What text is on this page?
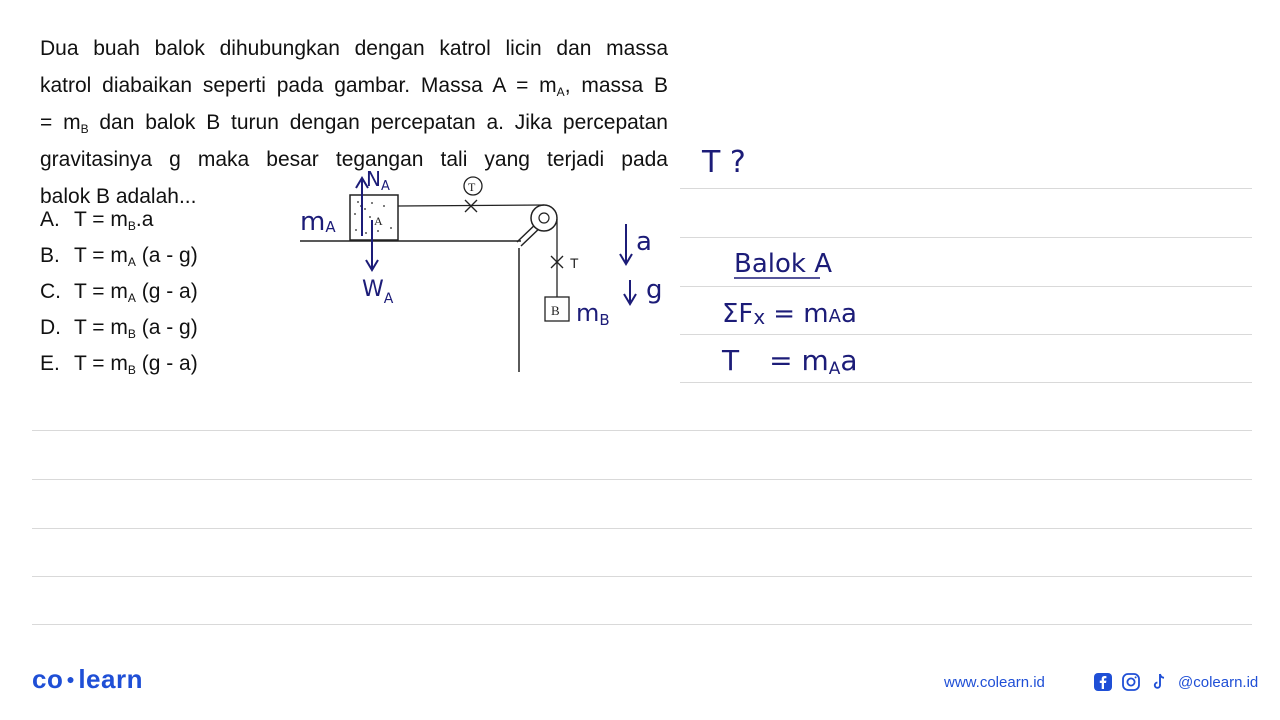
Dua buah balok dihubungkan dengan katrol licin dan massa
katrol diabaikan seperti pada gambar. Massa $A = m_A$, massa B
= $m_B$ dan balok B turun dengan percepatan a. Jika percepatan
gravitasinya g maka besar tegangan tali yang terjadi pada
balok B adalah...
A. $T = m_B.a$
B. $T = m_A$ (a - g)
C. $T = m_A$ (g - a)
D. $T = m_B$ (a - g)
E. $T = m_B$ (g - a)
A
B
T
T
$N_A$
mA
$W_A$	mB
a
g
T ?
Balok A
ΣFx = mAa
T = mAa
co ● learn	www.colearn.id	@colearn.id
